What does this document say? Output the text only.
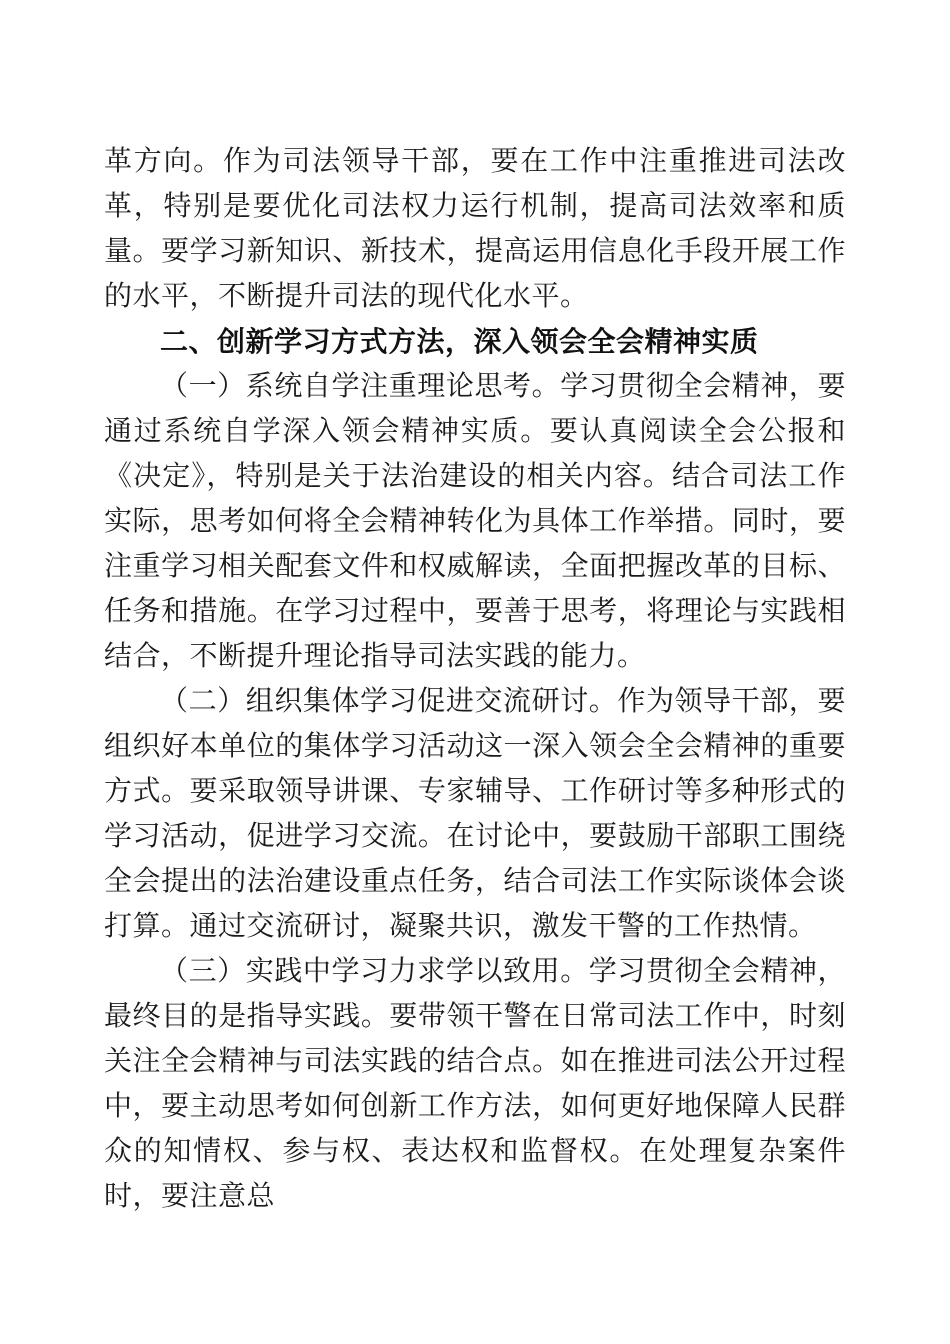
革方向。作为司法领导干部，要在工作中注重推进司法改革，特别是要优化司法权力运行机制，提高司法效率和质量。要学习新知识、新技术，提高运用信息化手段开展工作的水平，不断提升司法的现代化水平。

二、创新学习方式方法，深入领会全会精神实质

（一）系统自学注重理论思考。学习贯彻全会精神，要通过系统自学深入领会精神实质。要认真阅读全会公报和《决定》，特别是关于法治建设的相关内容。结合司法工作实际，思考如何将全会精神转化为具体工作举措。同时，要注重学习相关配套文件和权威解读，全面把握改革的目标、任务和措施。在学习过程中，要善于思考，将理论与实践相结合，不断提升理论指导司法实践的能力。

（二）组织集体学习促进交流研讨。作为领导干部，要组织好本单位的集体学习活动这一深入领会全会精神的重要方式。要采取领导讲课、专家辅导、工作研讨等多种形式的学习活动，促进学习交流。在讨论中，要鼓励干部职工围绕全会提出的法治建设重点任务，结合司法工作实际谈体会谈打算。通过交流研讨，凝聚共识，激发干警的工作热情。

（三）实践中学习力求学以致用。学习贯彻全会精神，最终目的是指导实践。要带领干警在日常司法工作中，时刻关注全会精神与司法实践的结合点。如在推进司法公开过程中，要主动思考如何创新工作方法，如何更好地保障人民群众的知情权、参与权、表达权和监督权。在处理复杂案件时，要注意总
